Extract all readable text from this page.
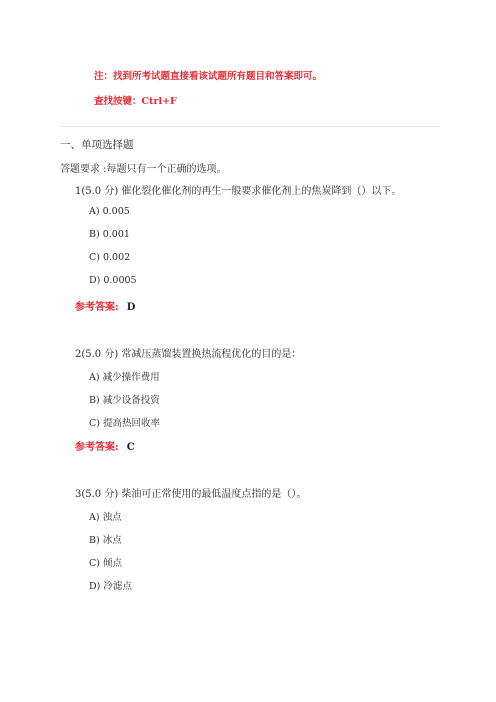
注：找到所考试题直接看该试题所有题目和答案即可。
查找按键：Ctrl+F
一、单项选择题
答题要求 :每题只有一个正确的选项。
1(5.0 分) 催化裂化催化剂的再生一般要求催化剂上的焦炭降到（）以下。
A) 0.005
B) 0.001
C) 0.002
D) 0.0005
参考答案: D
2(5.0 分) 常减压蒸馏装置换热流程优化的目的是：
A) 减少操作费用
B) 减少设备投资
C) 提高热回收率
参考答案: C
3(5.0 分) 柴油可正常使用的最低温度点指的是（）。
A) 浊点
B) 冰点
C) 倾点
D) 冷滤点
